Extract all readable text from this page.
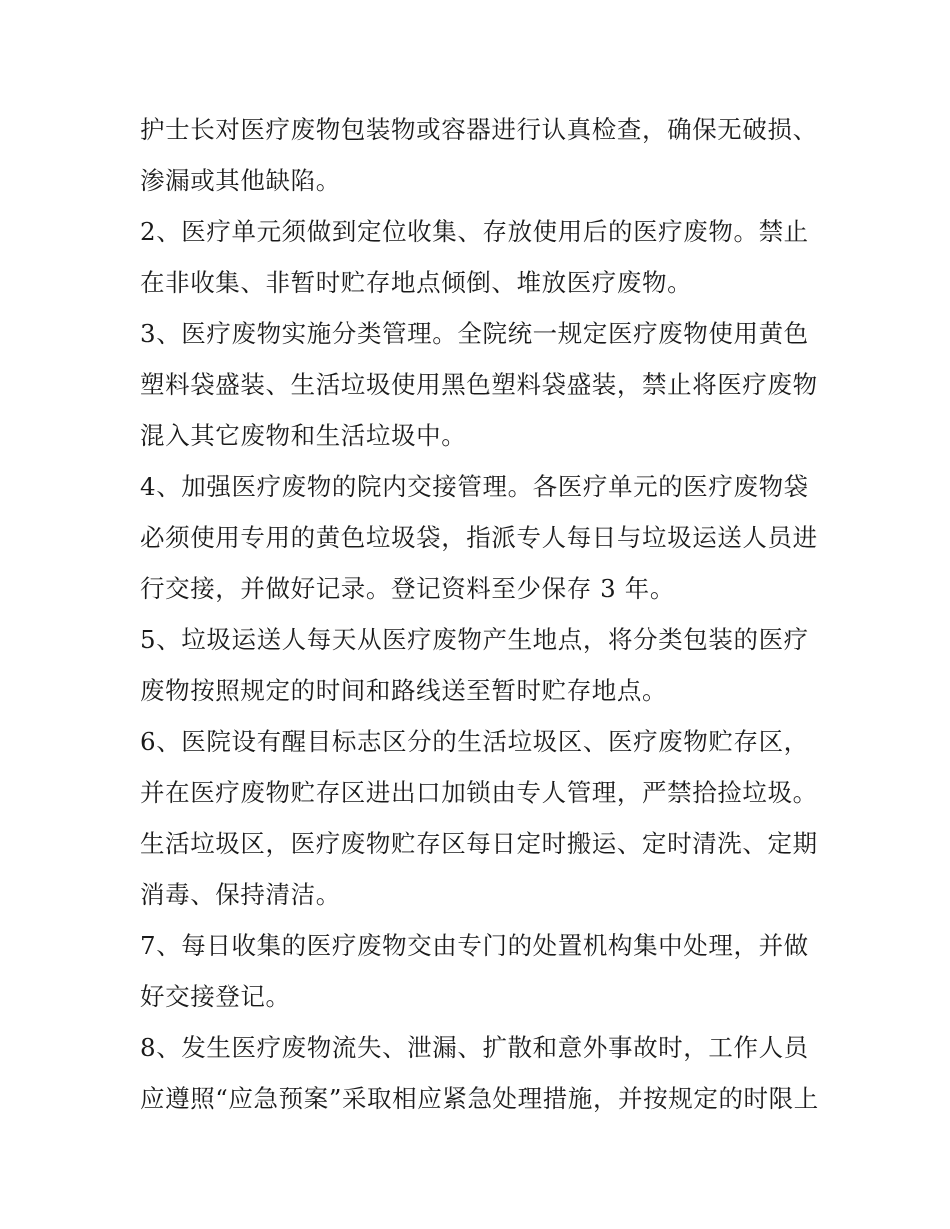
护士长对医疗废物包装物或容器进行认真检查，确保无破损、
渗漏或其他缺陷。

2、医疗单元须做到定位收集、存放使用后的医疗废物。禁止
在非收集、非暂时贮存地点倾倒、堆放医疗废物。

3、医疗废物实施分类管理。全院统一规定医疗废物使用黄色
塑料袋盛装、生活垃圾使用黑色塑料袋盛装，禁止将医疗废物
混入其它废物和生活垃圾中。

4、加强医疗废物的院内交接管理。各医疗单元的医疗废物袋
必须使用专用的黄色垃圾袋，指派专人每日与垃圾运送人员进
行交接，并做好记录。登记资料至少保存 3 年。

5、垃圾运送人每天从医疗废物产生地点，将分类包装的医疗
废物按照规定的时间和路线送至暂时贮存地点。

6、医院设有醒目标志区分的生活垃圾区、医疗废物贮存区，
并在医疗废物贮存区进出口加锁由专人管理，严禁拾捡垃圾。
生活垃圾区，医疗废物贮存区每日定时搬运、定时清洗、定期
消毒、保持清洁。

7、每日收集的医疗废物交由专门的处置机构集中处理，并做
好交接登记。

8、发生医疗废物流失、泄漏、扩散和意外事故时，工作人员
应遵照“应急预案”采取相应紧急处理措施，并按规定的时限上
